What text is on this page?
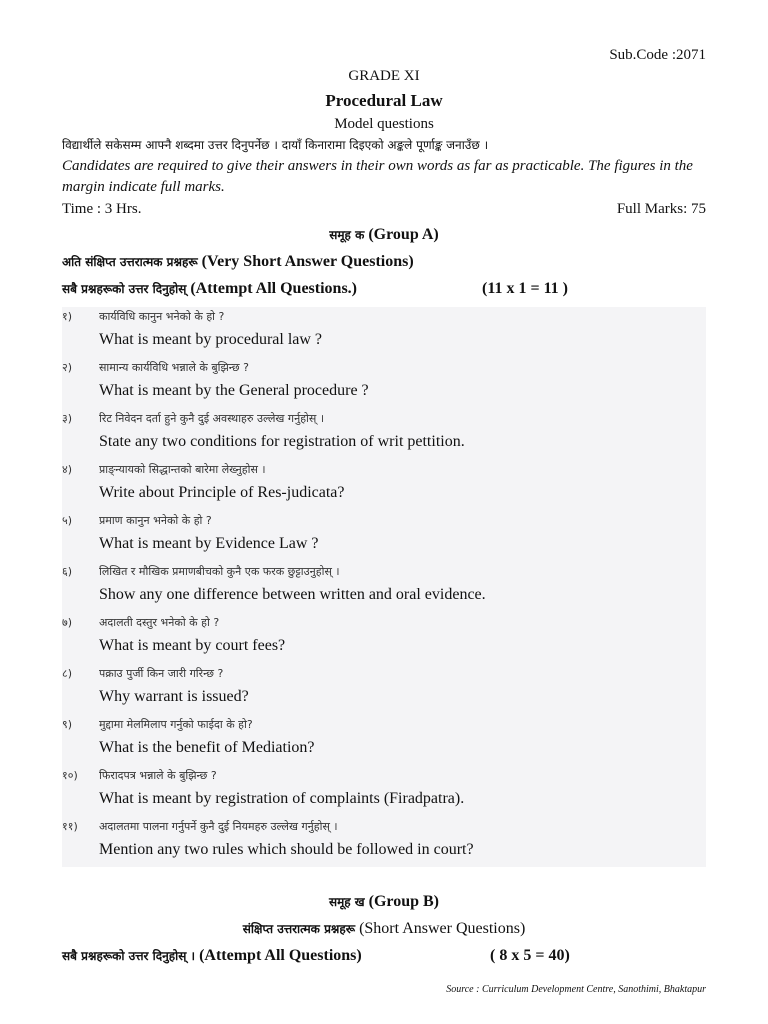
Sub.Code :2071
GRADE XI
Procedural Law
Model questions
विद्यार्थीले सकेसम्म आफ्नै शब्दमा उत्तर दिनुपर्नेछ । दायाँ किनारामा दिइएको अङ्कले पूर्णाङ्क जनाउँछ ।
Candidates are required to give their answers in their own words as far as practicable. The figures in the margin indicate full marks.
Time : 3 Hrs.	Full Marks: 75
समूह क (Group A)
अति संक्षिप्त उत्तरात्मक प्रश्नहरू (Very Short Answer Questions)
सबै प्रश्नहरूको उत्तर दिनुहोस् (Attempt All Questions.)	(11 x 1 = 11 )
१) कार्यविधि कानुन भनेको के हो ?
What is meant by procedural law ?
२) सामान्य कार्यविधि भन्नाले के बुझिन्छ ?
What is meant by the General procedure ?
३) रिट निवेदन दर्ता हुने कुनै दुई अवस्थाहरु उल्लेख गर्नुहोस् ।
State any two conditions for registration of writ pettition.
४) प्राङ्न्यायको सिद्धान्तको बारेमा लेख्नुहोस ।
Write about Principle of Res-judicata?
५) प्रमाण कानुन भनेको के हो ?
What is meant by Evidence Law ?
६) लिखित र मौखिक प्रमाणबीचको कुनै एक फरक छुट्टाउनुहोस् ।
Show any one difference between written and oral evidence.
७) अदालती दस्तुर भनेको के हो ?
What is meant by court fees?
८) पक्राउ पुर्जी किन जारी गरिन्छ ?
Why warrant is issued?
९) मुद्दामा मेलमिलाप गर्नुको फाईदा के हो?
What is the benefit of Mediation?
१०) फिरादपत्र भन्नाले के बुझिन्छ ?
What is meant by registration of complaints (Firadpatra).
११) अदालतमा पालना गर्नुपर्ने कुनै दुई नियमहरु उल्लेख गर्नुहोस् ।
Mention any two rules which should be followed in court?
समूह ख (Group B)
संक्षिप्त उत्तरात्मक प्रश्नहरू (Short Answer Questions)
सबै प्रश्नहरूको उत्तर दिनुहोस् । (Attempt All Questions)	( 8 x 5 = 40)
Source : Curriculum Development Centre, Sanothimi, Bhaktapur
